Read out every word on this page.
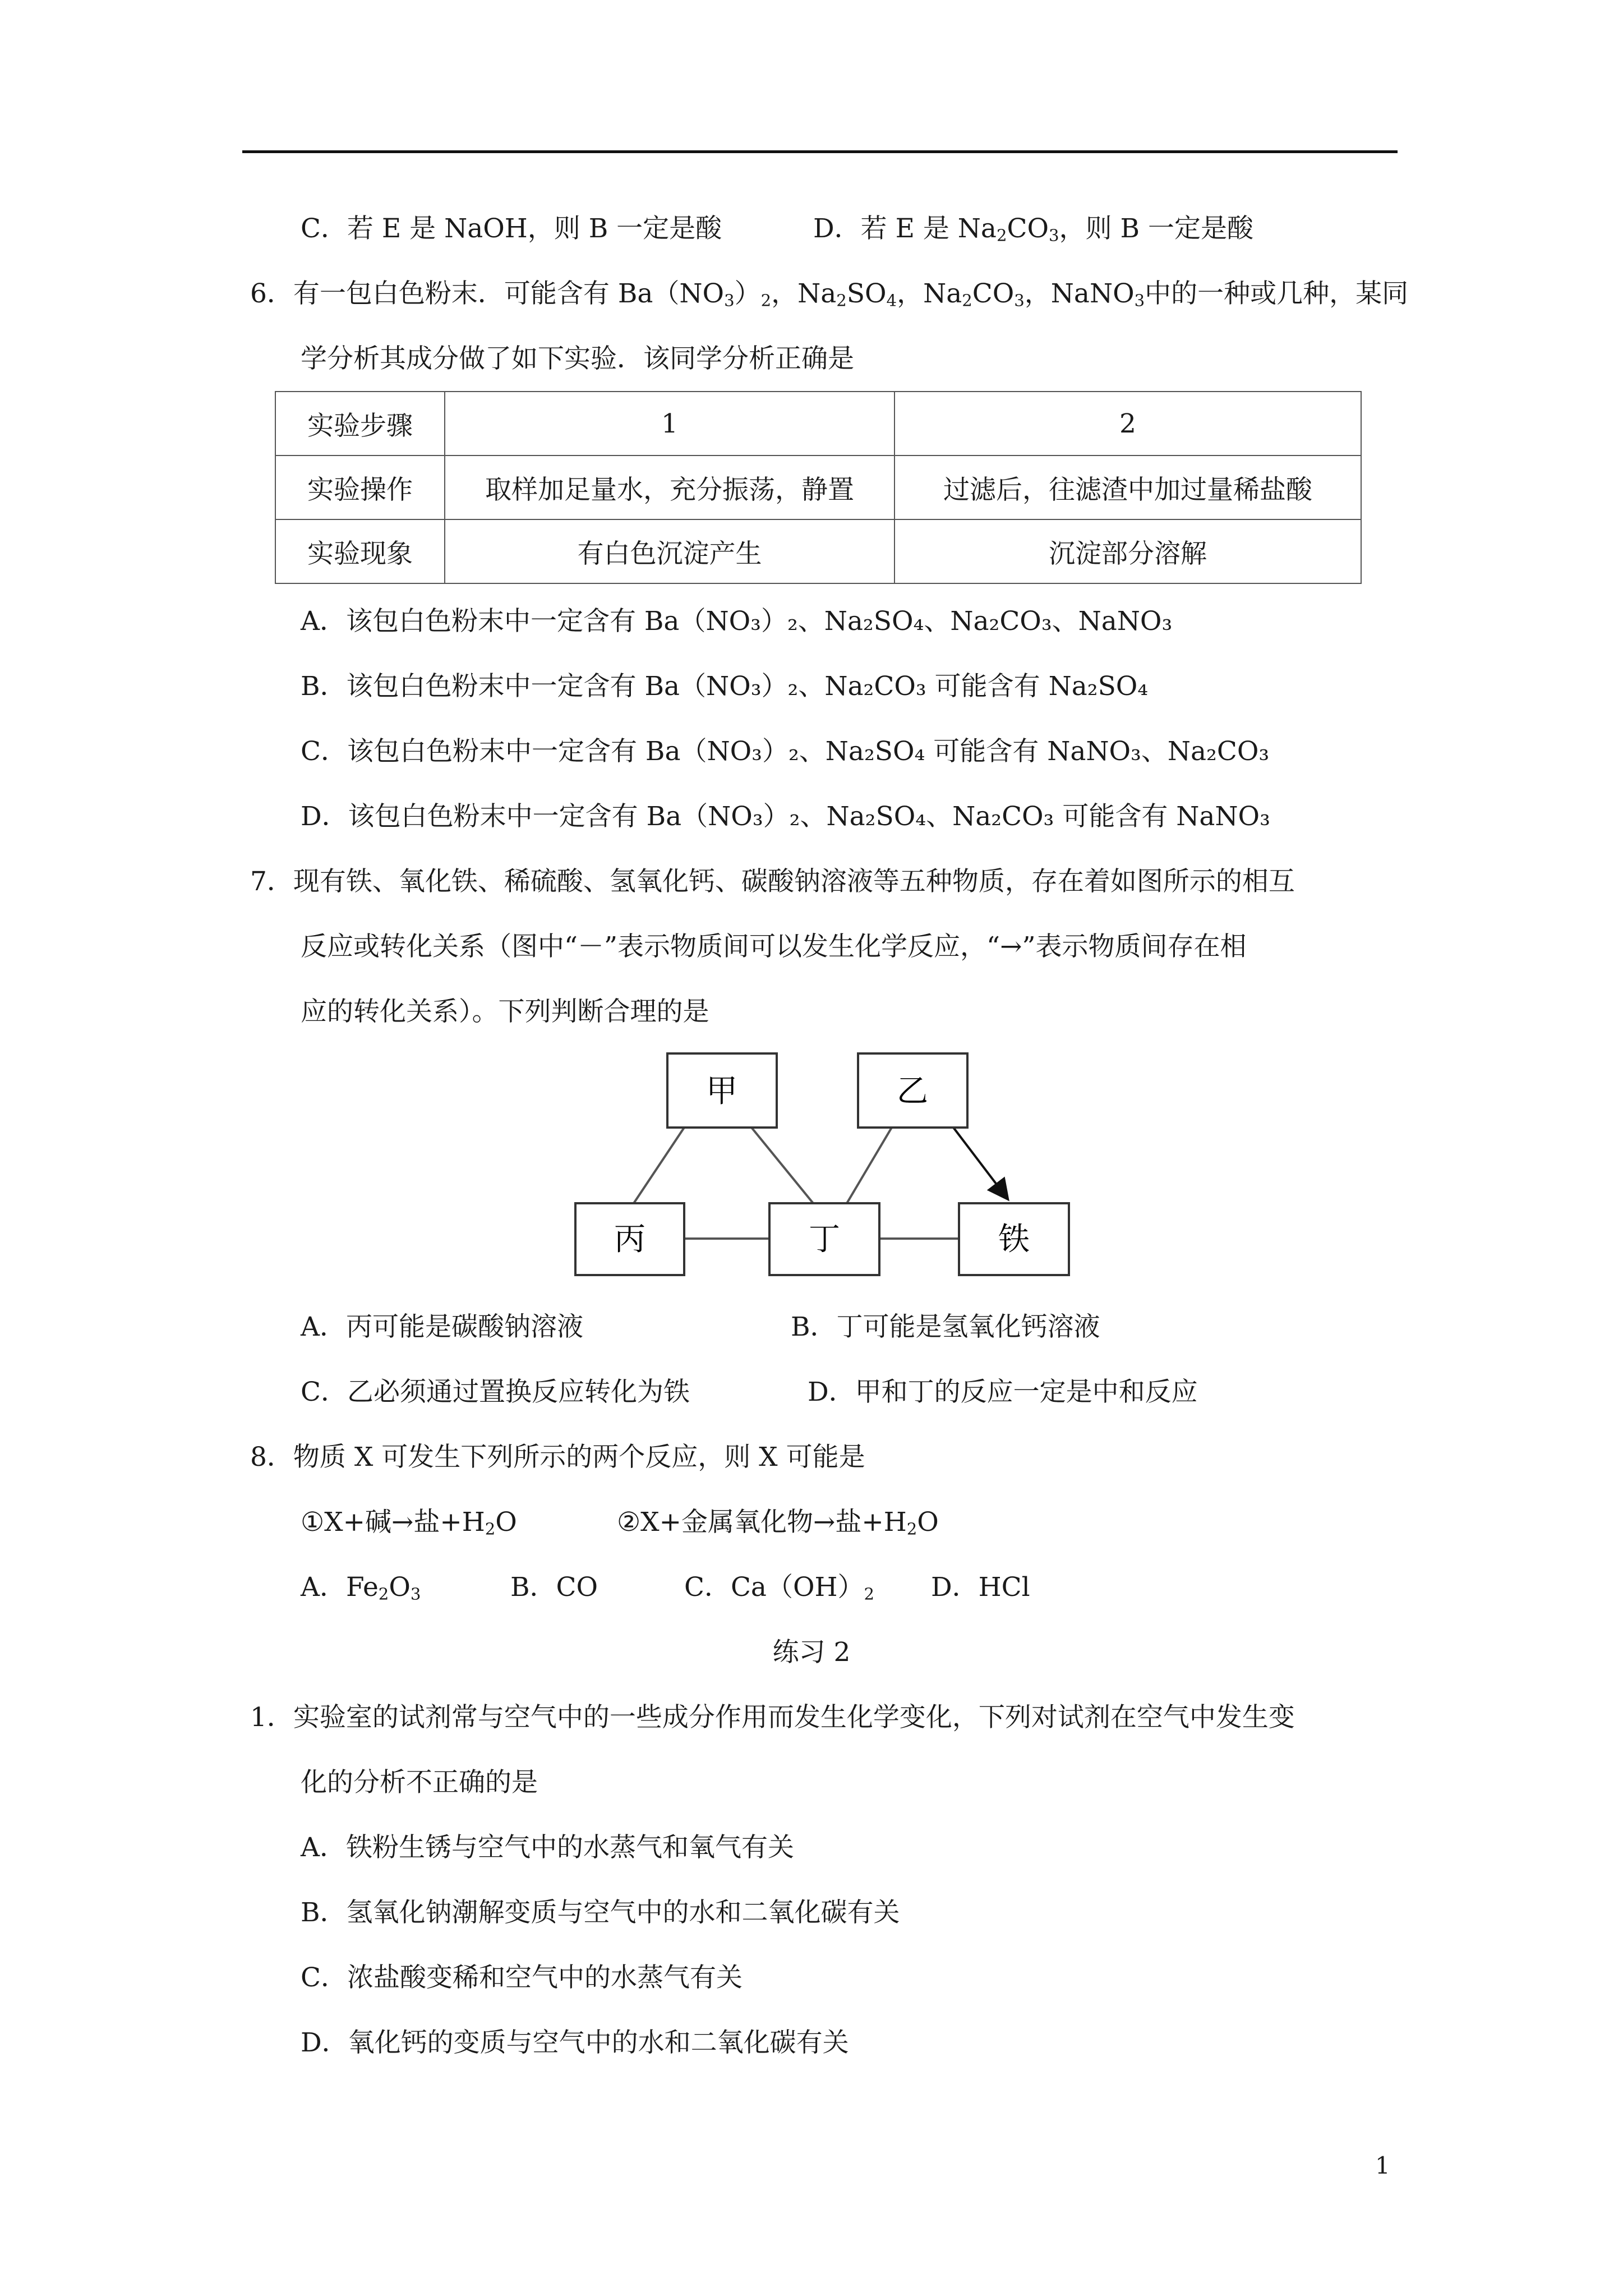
C．若 E 是 NaOH，则 B 一定是酸	D．若 E 是 $Na_2CO_3$，则 B 一定是酸
6．有一包白色粉末．可能含有 $Ba(NO_3)_2$，$Na_2SO_4$，$Na_2CO_3$，NaNO$_3$中的一种或几种，某同
学分析其成分做了如下实验．该同学分析正确是
实验步骤	1	2
实验操作	取样加足量水，充分振荡，静置	过滤后，往滤渣中加过量稀盐酸
实验现象	有白色沉淀产生	沉淀部分溶解
A．该包白色粉末中一定含有 Ba（NO₃）₂、Na₂SO₄、Na₂CO₃、NaNO₃
B．该包白色粉末中一定含有 Ba（NO₃）₂、Na₂CO₃ 可能含有 Na₂SO₄
C．该包白色粉末中一定含有 Ba（NO₃）₂、Na₂SO₄ 可能含有 NaNO₃、Na₂CO₃
D．该包白色粉末中一定含有 Ba（NO₃）₂、Na₂SO₄、Na₂CO₃ 可能含有 NaNO₃
7．现有铁、氧化铁、稀硫酸、氢氧化钙、碳酸钠溶液等五种物质，存在着如图所示的相互
反应或转化关系（图中“－”表示物质间可以发生化学反应，“→”表示物质间存在相
应的转化关系）。下列判断合理的是
甲	乙
丙	丁	铁
A．丙可能是碳酸钠溶液	B．丁可能是氢氧化钙溶液
C．乙必须通过置换反应转化为铁	D．甲和丁的反应一定是中和反应
8．物质 X 可发生下列所示的两个反应，则 X 可能是
①X+碱→盐$+H_2O$	②X+金属氧化物→盐$+H_2O$
A．$Fe_2O_3$	B．CO	C．$Ca(OH)_2$ D．HCl
练习 2
1．实验室的试剂常与空气中的一些成分作用而发生化学变化，下列对试剂在空气中发生变
化的分析不正确的是
A．铁粉生锈与空气中的水蒸气和氧气有关
B．氢氧化钠潮解变质与空气中的水和二氧化碳有关
C．浓盐酸变稀和空气中的水蒸气有关
D．氧化钙的变质与空气中的水和二氧化碳有关
1
